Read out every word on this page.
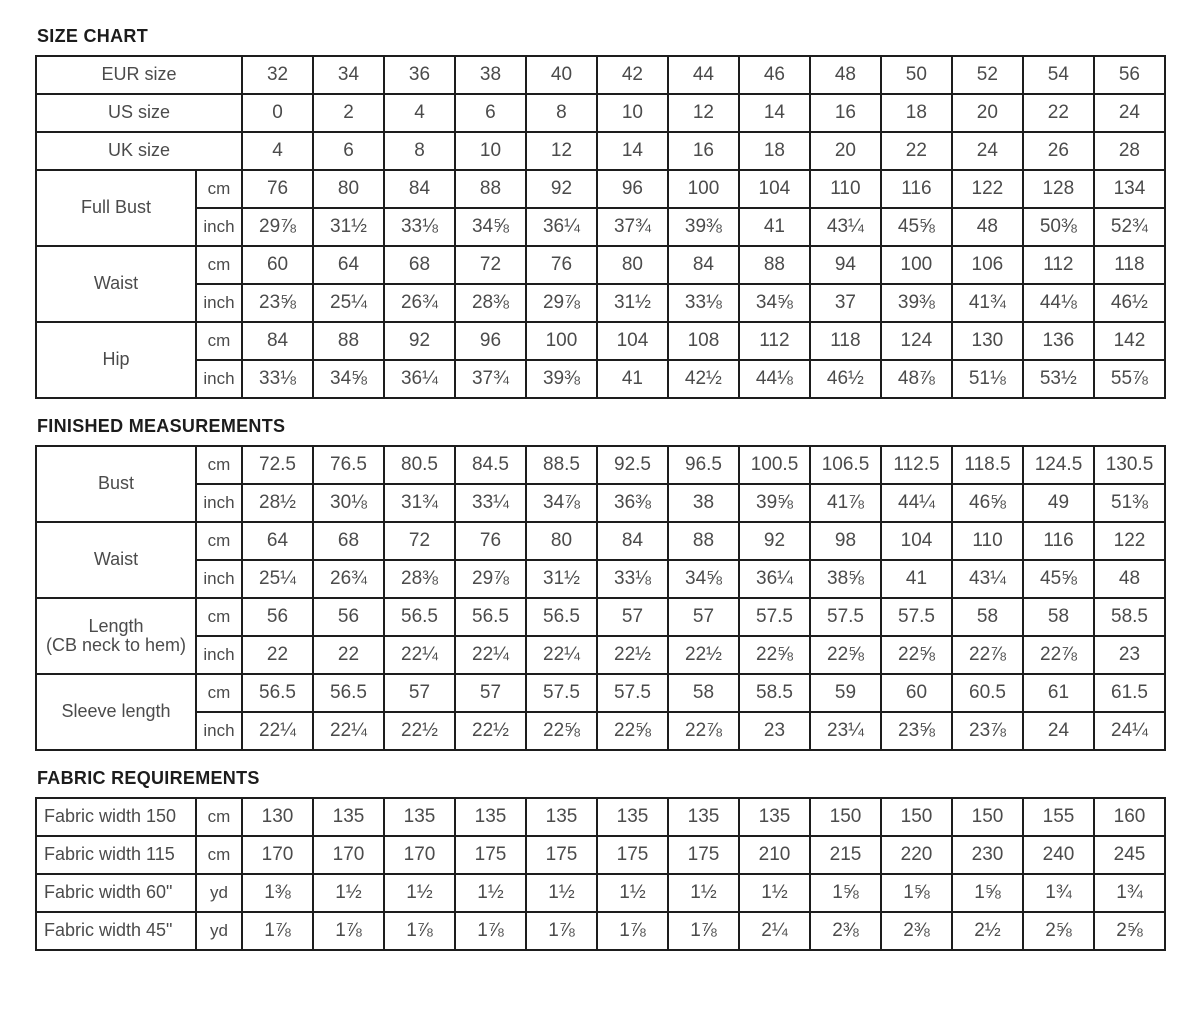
SIZE CHART
EUR size		32	34	36	38	40	42	44	46	48	50	52	54	56
US size		0	2	4	6	8	10	12	14	16	18	20	22	24
UK size		4	6	8	10	12	14	16	18	20	22	24	26	28
Full Bust	cm	76	80	84	88	92	96	100	104	110	116	122	128	134
	inch	29⅞	31½	33⅛	34⅝	36¼	37¾	39⅜	41	43¼	45⅝	48	50⅜	52¾
Waist	cm	60	64	68	72	76	80	84	88	94	100	106	112	118
	inch	23⅝	25¼	26¾	28⅜	29⅞	31½	33⅛	34⅝	37	39⅜	41¾	44⅛	46½
Hip	cm	84	88	92	96	100	104	108	112	118	124	130	136	142
	inch	33⅛	34⅝	36¼	37¾	39⅜	41	42½	44⅛	46½	48⅞	51⅛	53½	55⅞
FINISHED MEASUREMENTS
Bust	cm	72.5	76.5	80.5	84.5	88.5	92.5	96.5	100.5	106.5	112.5	118.5	124.5	130.5
	inch	28½	30⅛	31¾	33¼	34⅞	36⅜	38	39⅝	41⅞	44¼	46⅝	49	51⅜
Waist	cm	64	68	72	76	80	84	88	92	98	104	110	116	122
	inch	25¼	26¾	28⅜	29⅞	31½	33⅛	34⅝	36¼	38⅝	41	43¼	45⅝	48
Length
(CB neck to hem)	cm	56	56	56.5	56.5	56.5	57	57	57.5	57.5	57.5	58	58	58.5
	inch	22	22	22¼	22¼	22¼	22½	22½	22⅝	22⅝	22⅝	22⅞	22⅞	23
Sleeve length	cm	56.5	56.5	57	57	57.5	57.5	58	58.5	59	60	60.5	61	61.5
	inch	22¼	22¼	22½	22½	22⅝	22⅝	22⅞	23	23¼	23⅝	23⅞	24	24¼
FABRIC REQUIREMENTS
Fabric width 150	cm	130	135	135	135	135	135	135	135	150	150	150	155	160
Fabric width 115	cm	170	170	170	175	175	175	175	210	215	220	230	240	245
Fabric width 60"	yd	1⅜	1½	1½	1½	1½	1½	1½	1½	1⅝	1⅝	1⅝	1¾	1¾
Fabric width 45"	yd	1⅞	1⅞	1⅞	1⅞	1⅞	1⅞	1⅞	2¼	2⅜	2⅜	2½	2⅝	2⅝
